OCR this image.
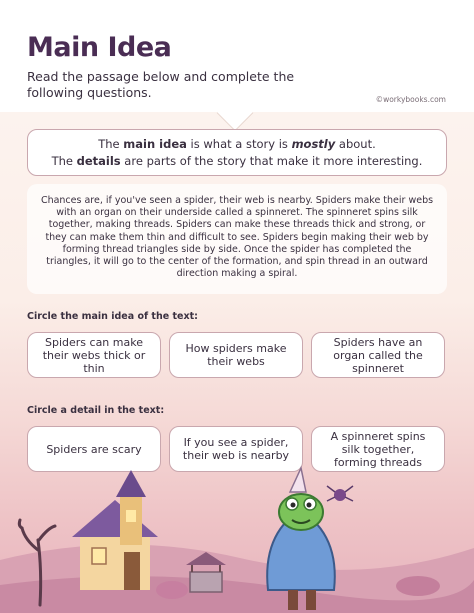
Main Idea
Read the passage below and complete the following questions.	©workybooks.com
The main idea is what a story is mostly about.
The details are parts of the story that make it more interesting.
Chances are, if you've seen a spider, their web is nearby. Spiders make their webs with an organ on their underside called a spinneret. The spinneret spins silk together, making threads. Spiders can make these threads thick and strong, or they can make them thin and difficult to see. Spiders begin making their web by forming thread triangles side by side. Once the spider has completed the triangles, it will go to the center of the formation, and spin thread in an outward direction making a spiral.
Circle the main idea of the text:
Spiders can make their webs thick or thin
How spiders make their webs
Spiders have an organ called the spinneret
Circle a detail in the text:
Spiders are scary	If you see a spider, their web is nearby
A spinneret spins silk together, forming threads
